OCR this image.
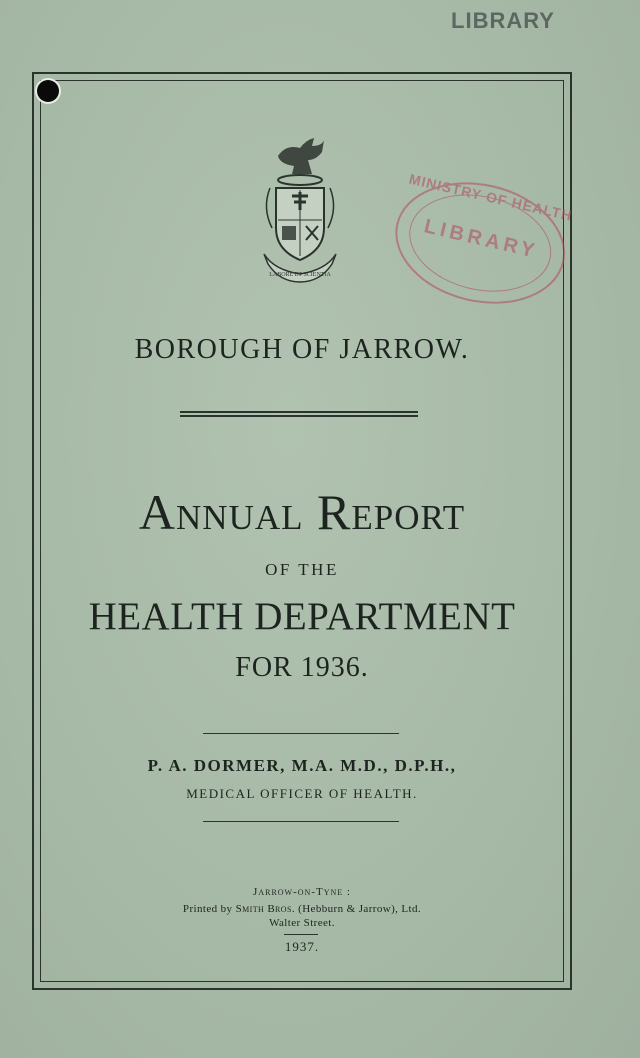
LIBRARY
LABORE ET SCIENTIA
MINISTRY OF HEALTH
LIBRARY
BOROUGH OF JARROW.
Annual Report
OF THE
HEALTH DEPARTMENT
FOR 1936.
P. A. DORMER, M.A. M.D., D.P.H.,
MEDICAL OFFICER OF HEALTH.
Jarrow-on-Tyne :
Printed by Smith Bros. (Hebburn & Jarrow), Ltd.
Walter Street.
1937.
